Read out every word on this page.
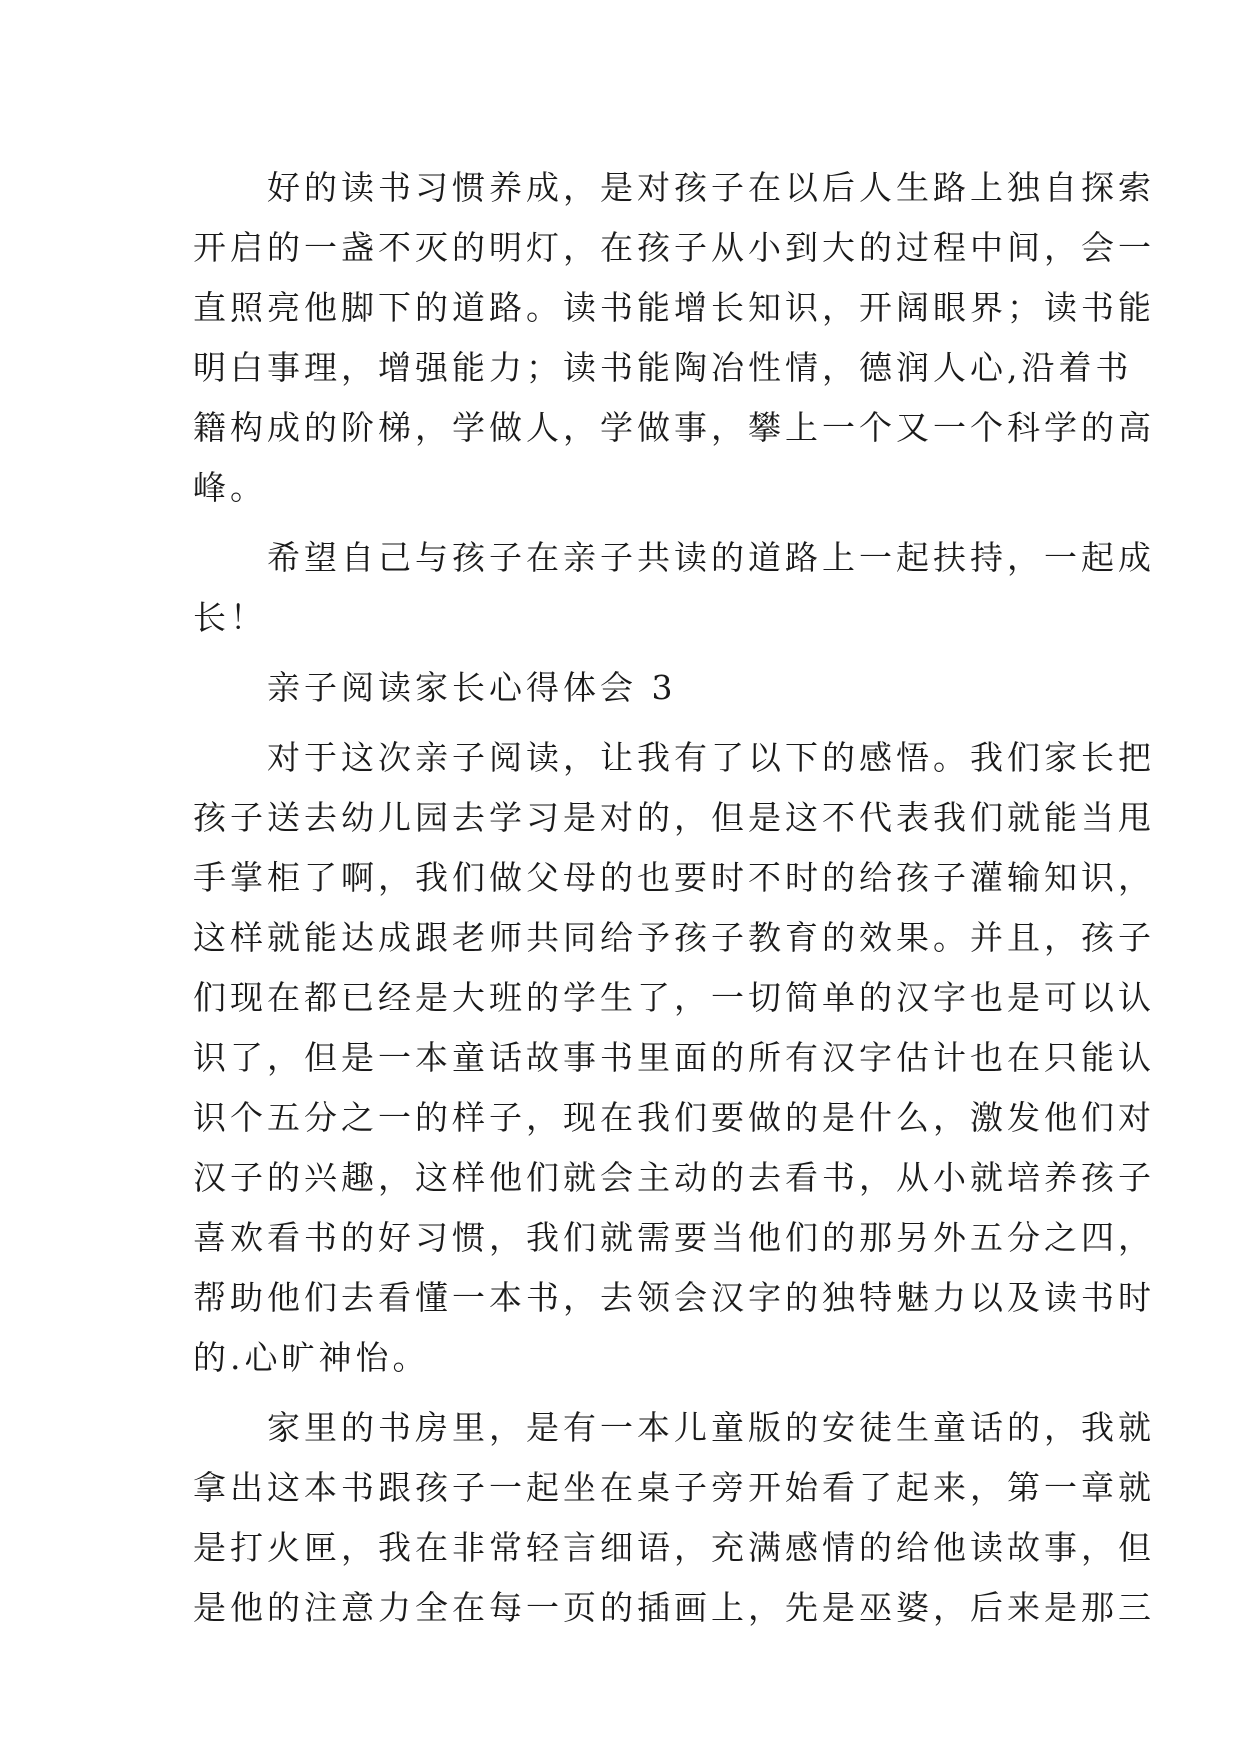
　　好的读书习惯养成，是对孩子在以后人生路上独自探索
开启的一盏不灭的明灯，在孩子从小到大的过程中间，会一
直照亮他脚下的道路。读书能增长知识，开阔眼界；读书能
明白事理，增强能力；读书能陶冶性情，德润人心,沿着书
籍构成的阶梯，学做人，学做事，攀上一个又一个科学的高
峰。
　　希望自己与孩子在亲子共读的道路上一起扶持，一起成
长！
　　亲子阅读家长心得体会 3
　　对于这次亲子阅读，让我有了以下的感悟。我们家长把
孩子送去幼儿园去学习是对的，但是这不代表我们就能当甩
手掌柜了啊，我们做父母的也要时不时的给孩子灌输知识，
这样就能达成跟老师共同给予孩子教育的效果。并且，孩子
们现在都已经是大班的学生了，一切简单的汉字也是可以认
识了，但是一本童话故事书里面的所有汉字估计也在只能认
识个五分之一的样子，现在我们要做的是什么，激发他们对
汉子的兴趣，这样他们就会主动的去看书，从小就培养孩子
喜欢看书的好习惯，我们就需要当他们的那另外五分之四，
帮助他们去看懂一本书，去领会汉字的独特魅力以及读书时
的.心旷神怡。
　　家里的书房里，是有一本儿童版的安徒生童话的，我就
拿出这本书跟孩子一起坐在桌子旁开始看了起来，第一章就
是打火匣，我在非常轻言细语，充满感情的给他读故事，但
是他的注意力全在每一页的插画上，先是巫婆，后来是那三
